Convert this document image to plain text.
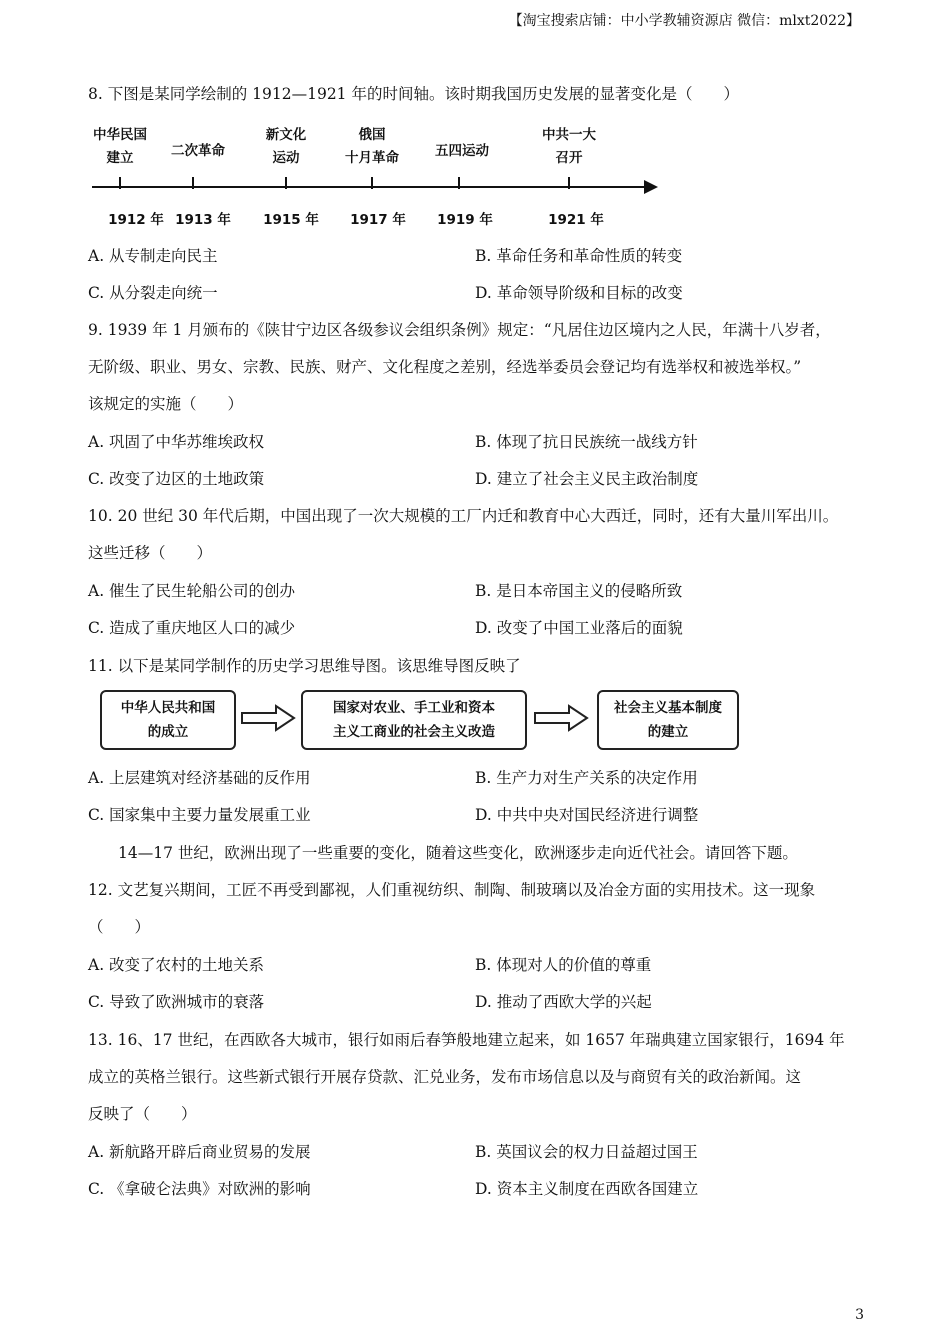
【淘宝搜索店铺：中小学教辅资源店 微信：mlxt2022】
8. 下图是某同学绘制的 1912—1921 年的时间轴。该时期我国历史发展的显著变化是（　　）
中华民国
建立	二次革命
新文化
运动
俄国
十月革命	五四运动
中共一大
召开
1912 年 1913 年	1915 年	1917 年	1919 年	1921 年
A. 从专制走向民主	B. 革命任务和革命性质的转变
C. 从分裂走向统一	D. 革命领导阶级和目标的改变
9. 1939 年 1 月颁布的《陕甘宁边区各级参议会组织条例》规定：“凡居住边区境内之人民，年满十八岁者，
无阶级、职业、男女、宗教、民族、财产、文化程度之差别，经选举委员会登记均有选举权和被选举权。”
该规定的实施（　　）
A. 巩固了中华苏维埃政权	B. 体现了抗日民族统一战线方针
C. 改变了边区的土地政策	D. 建立了社会主义民主政治制度
10. 20 世纪 30 年代后期，中国出现了一次大规模的工厂内迁和教育中心大西迁，同时，还有大量川军出川。
这些迁移（　　）
A. 催生了民生轮船公司的创办	B. 是日本帝国主义的侵略所致
C. 造成了重庆地区人口的减少	D. 改变了中国工业落后的面貌
11. 以下是某同学制作的历史学习思维导图。该思维导图反映了
中华人民共和国
的成立
国家对农业、手工业和资本
主义工商业的社会主义改造
社会主义基本制度
的建立
A. 上层建筑对经济基础的反作用	B. 生产力对生产关系的决定作用
C. 国家集中主要力量发展重工业	D. 中共中央对国民经济进行调整
14—17 世纪，欧洲出现了一些重要的变化，随着这些变化，欧洲逐步走向近代社会。请回答下题。
12. 文艺复兴期间，工匠不再受到鄙视，人们重视纺织、制陶、制玻璃以及冶金方面的实用技术。这一现象
（　　）
A. 改变了农村的土地关系	B. 体现对人的价值的尊重
C. 导致了欧洲城市的衰落	D. 推动了西欧大学的兴起
13. 16、17 世纪，在西欧各大城市，银行如雨后春笋般地建立起来，如 1657 年瑞典建立国家银行，1694 年
成立的英格兰银行。这些新式银行开展存贷款、汇兑业务，发布市场信息以及与商贸有关的政治新闻。这
反映了（　　）
A. 新航路开辟后商业贸易的发展	B. 英国议会的权力日益超过国王
C. 《拿破仑法典》对欧洲的影响	D. 资本主义制度在西欧各国建立
3
